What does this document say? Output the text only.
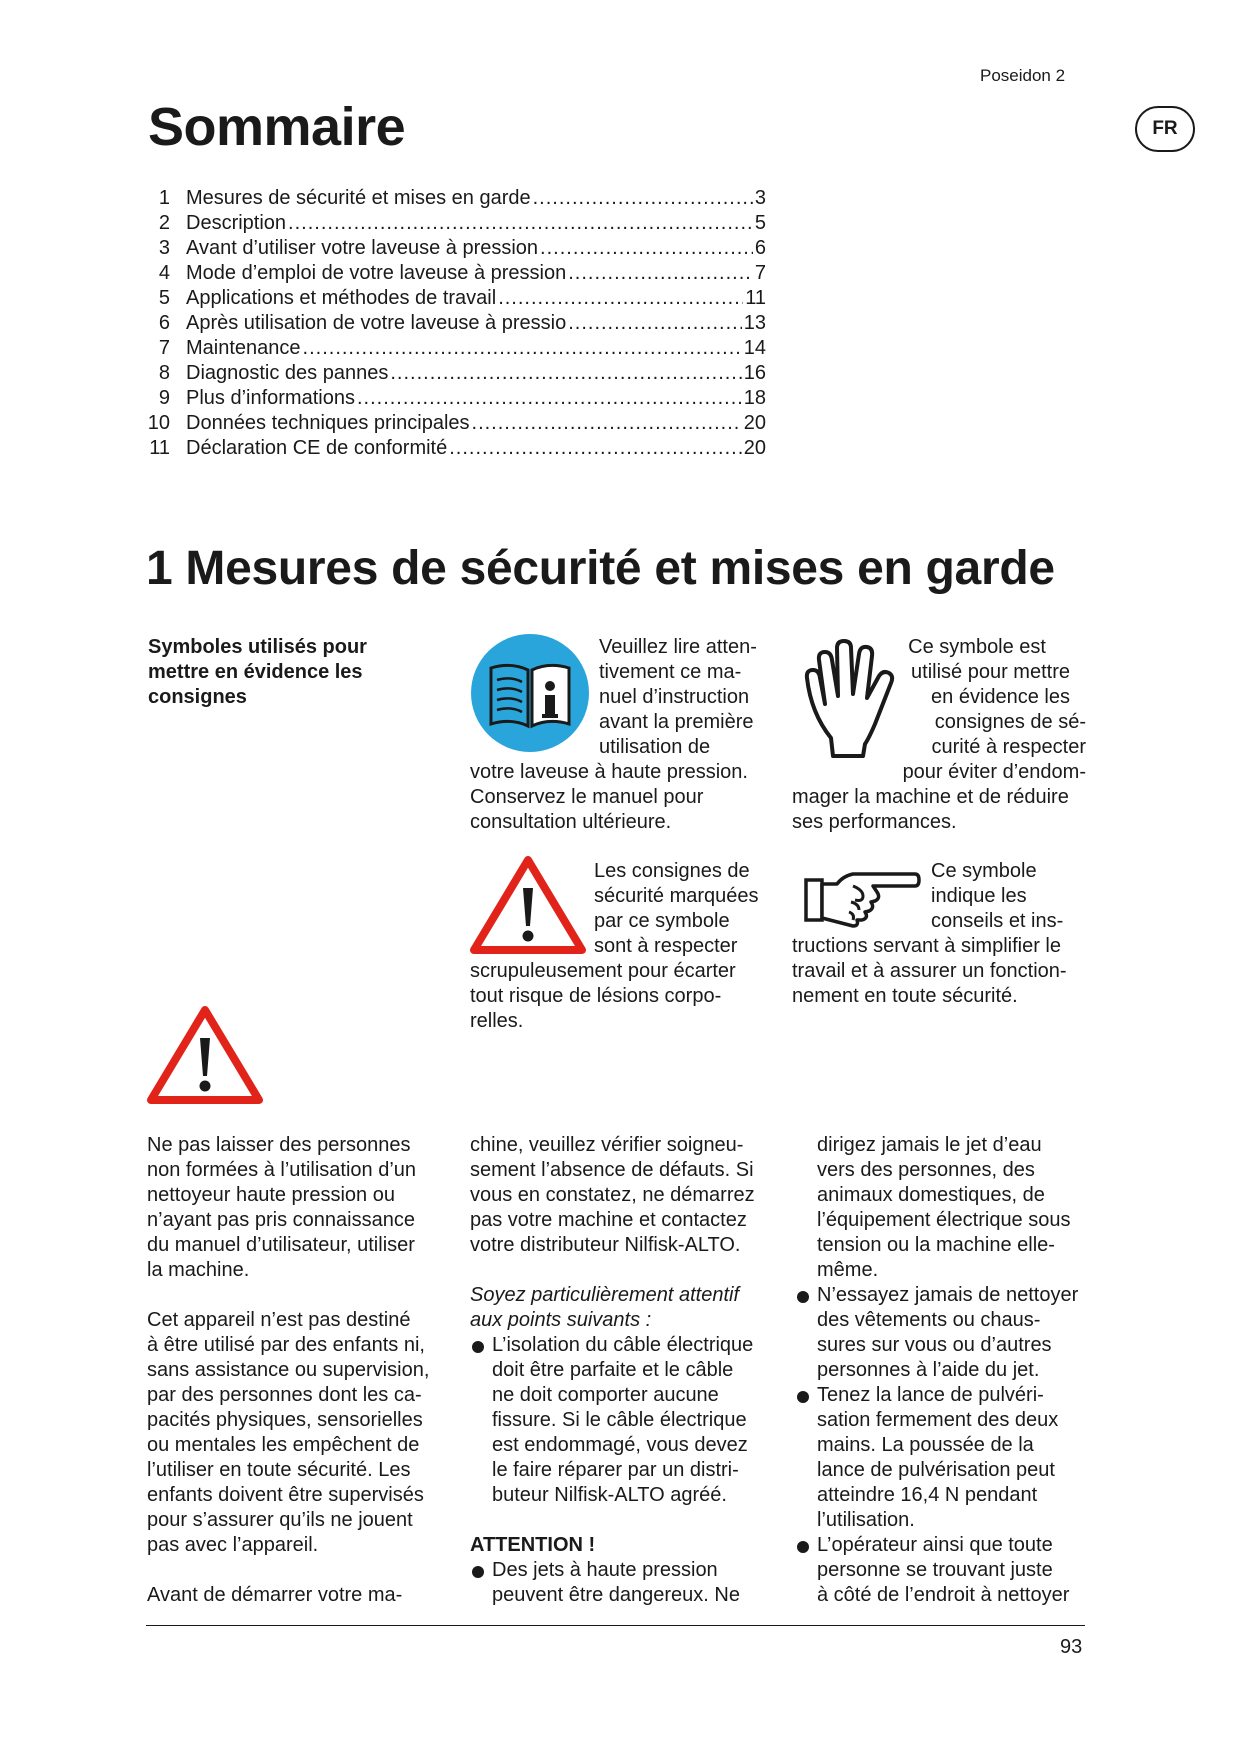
Poseidon 2
FR
Sommaire
1 Mesures de sécurité et mises en garde .....	3
2 Description .....	5
3 Avant d’utiliser votre laveuse à pression .....	6
4 Mode d’emploi de votre laveuse à pression .....	7
5 Applications et méthodes de travail .....	11
6 Après utilisation de votre laveuse à pressio .....	13
7 Maintenance .....	14
8 Diagnostic des pannes .....	16
9 Plus d’informations .....	18
10 Données techniques principales .....	20
11 Déclaration CE de conformité .....	20
1 Mesures de sécurité et mises en garde
Symboles utilisés pour
mettre en évidence les
consignes
Veuillez lire atten-
tivement ce ma-
nuel d’instruction
avant la première
utilisation de
votre laveuse à haute pression.
Conservez le manuel pour
consultation ultérieure.
Ce symbole est
utilisé pour mettre
en évidence les
consignes de sé-
curité à respecter
pour éviter d’endom-
mager la machine et de réduire
ses performances.
Les consignes de
sécurité marquées
par ce symbole
sont à respecter
scrupuleusement pour écarter
tout risque de lésions corpo-
relles.
Ce symbole
indique les
conseils et ins-
tructions servant à simplifier le
travail et à assurer un fonction-
nement en toute sécurité.

Ne pas laisser des personnes
non formées à l’utilisation d’un
nettoyeur haute pression ou
n’ayant pas pris connaissance
du manuel d’utilisateur, utiliser
la machine.

Cet appareil n’est pas destiné
à être utilisé par des enfants ni,
sans assistance ou supervision,
par des personnes dont les ca-
pacités physiques, sensorielles
ou mentales les empêchent de
l’utiliser en toute sécurité. Les
enfants doivent être supervisés
pour s’assurer qu’ils ne jouent
pas avec l’appareil.

Avant de démarrer votre ma-

chine, veuillez vérifier soigneu-
sement l’absence de défauts. Si
vous en constatez, ne démarrez
pas votre machine et contactez
votre distributeur Nilfisk-ALTO.

Soyez particulièrement attentif
aux points suivants :

L’isolation du câble électrique
doit être parfaite et le câble
ne doit comporter aucune
fissure. Si le câble électrique
est endommagé, vous devez
le faire réparer par un distri-
buteur Nilfisk-ALTO agréé.
ATTENTION !
Des jets à haute pression
peuvent être dangereux. Ne
dirigez jamais le jet d’eau
vers des personnes, des
animaux domestiques, de
l’équipement électrique sous
tension ou la machine elle-
même.
N’essayez jamais de nettoyer
des vêtements ou chaus-
sures sur vous ou d’autres
personnes à l’aide du jet.
Tenez la lance de pulvéri-
sation fermement des deux
mains. La poussée de la
lance de pulvérisation peut
atteindre 16,4 N pendant
l’utilisation.
L’opérateur ainsi que toute
personne se trouvant juste
à côté de l’endroit à nettoyer
93
